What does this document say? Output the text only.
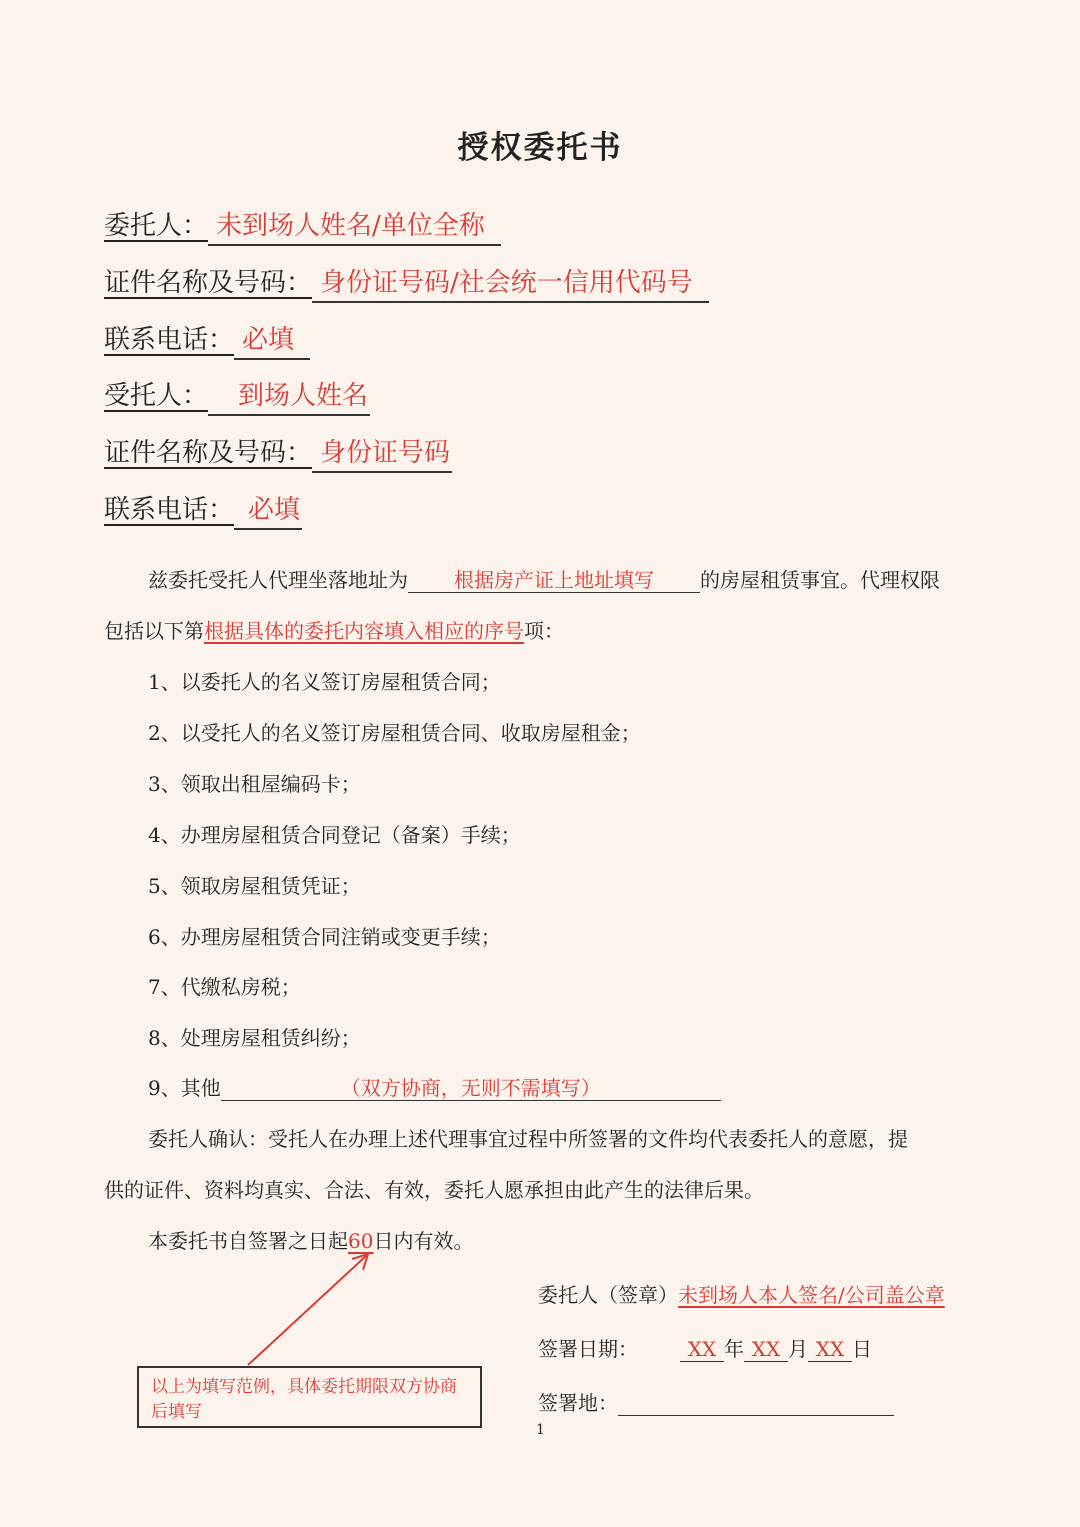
授权委托书
委托人： 未到场人姓名/单位全称
证件名称及号码： 身份证号码/社会统一信用代码号
联系电话： 必填
受托人： 到场人姓名
证件名称及号码： 身份证号码
联系电话： 必填
兹委托受托人代理坐落地址为 根据房产证上地址填写 的房屋租赁事宜。代理权限
包括以下第根据具体的委托内容填入相应的序号项：
1、以委托人的名义签订房屋租赁合同；
2、以受托人的名义签订房屋租赁合同、收取房屋租金；
3、领取出租屋编码卡；
4、办理房屋租赁合同登记（备案）手续；
5、领取房屋租赁凭证；
6、办理房屋租赁合同注销或变更手续；
7、代缴私房税；
8、处理房屋租赁纠纷；
9、其他	（双方协商，无则不需填写）
委托人确认：受托人在办理上述代理事宜过程中所签署的文件均代表委托人的意愿，提
供的证件、资料均真实、合法、有效，委托人愿承担由此产生的法律后果。
本委托书自签署之日起60日内有效。
以上为填写范例，具体委托期限双方协商后填写
委托人（签章）未到场人本人签名/公司盖公章
签署日期： XX 年 XX 月 XX 日
签署地：
1
